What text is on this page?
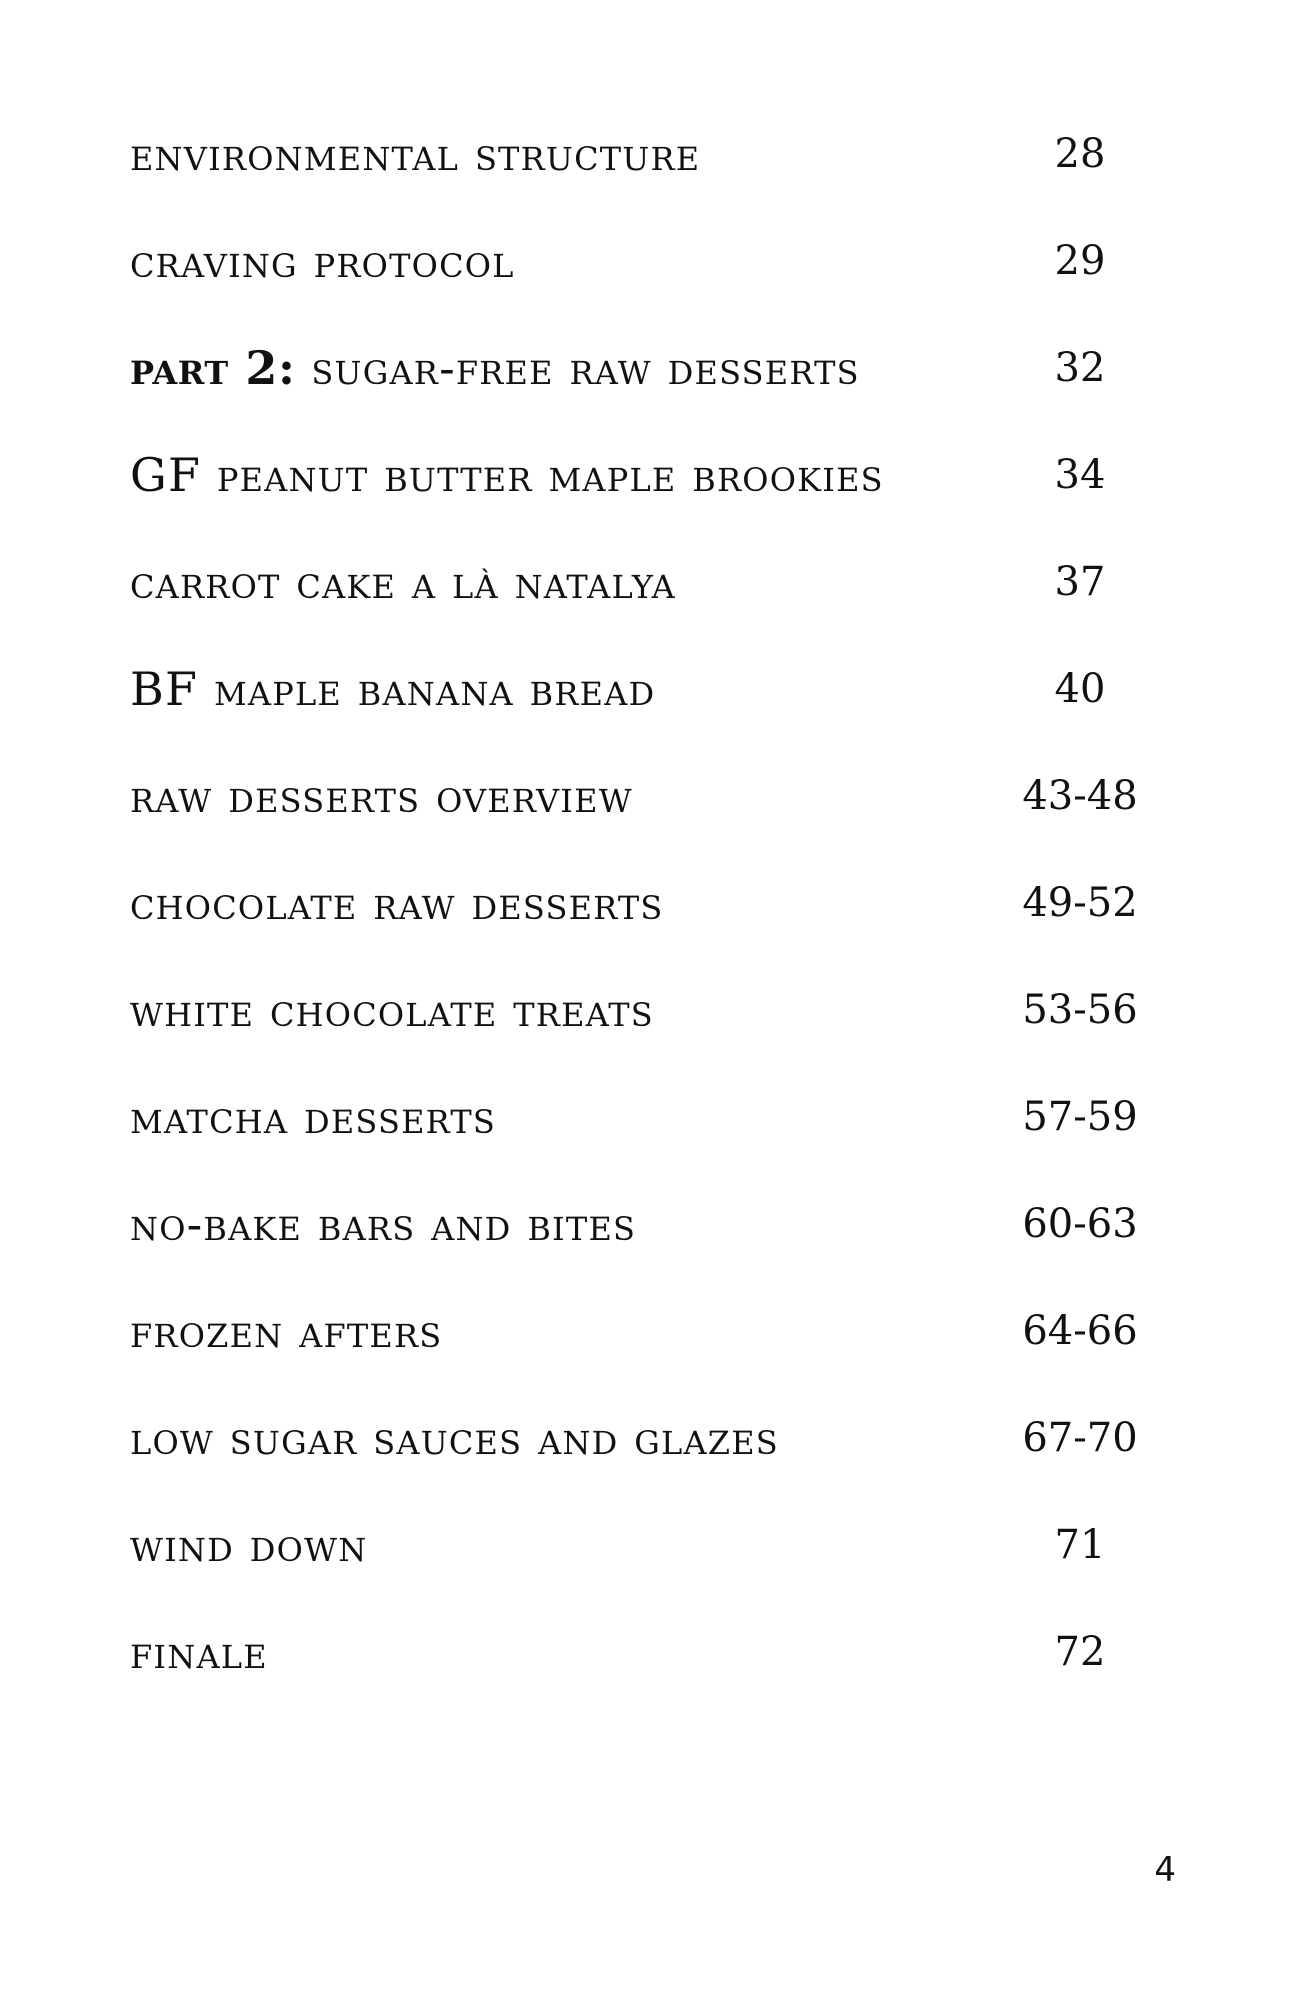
environmental structure	28
craving protocol	29
part 2: sugar-free raw desserts	32
GF peanut butter maple brookies	34
carrot cake a là natalya	37
BF maple banana bread	40
raw desserts overview	43-48
chocolate raw desserts	49-52
white chocolate treats	53-56
matcha desserts	57-59
no-bake bars and bites	60-63
frozen afters	64-66
low sugar sauces and glazes	67-70
wind down	71
finale	72
4
